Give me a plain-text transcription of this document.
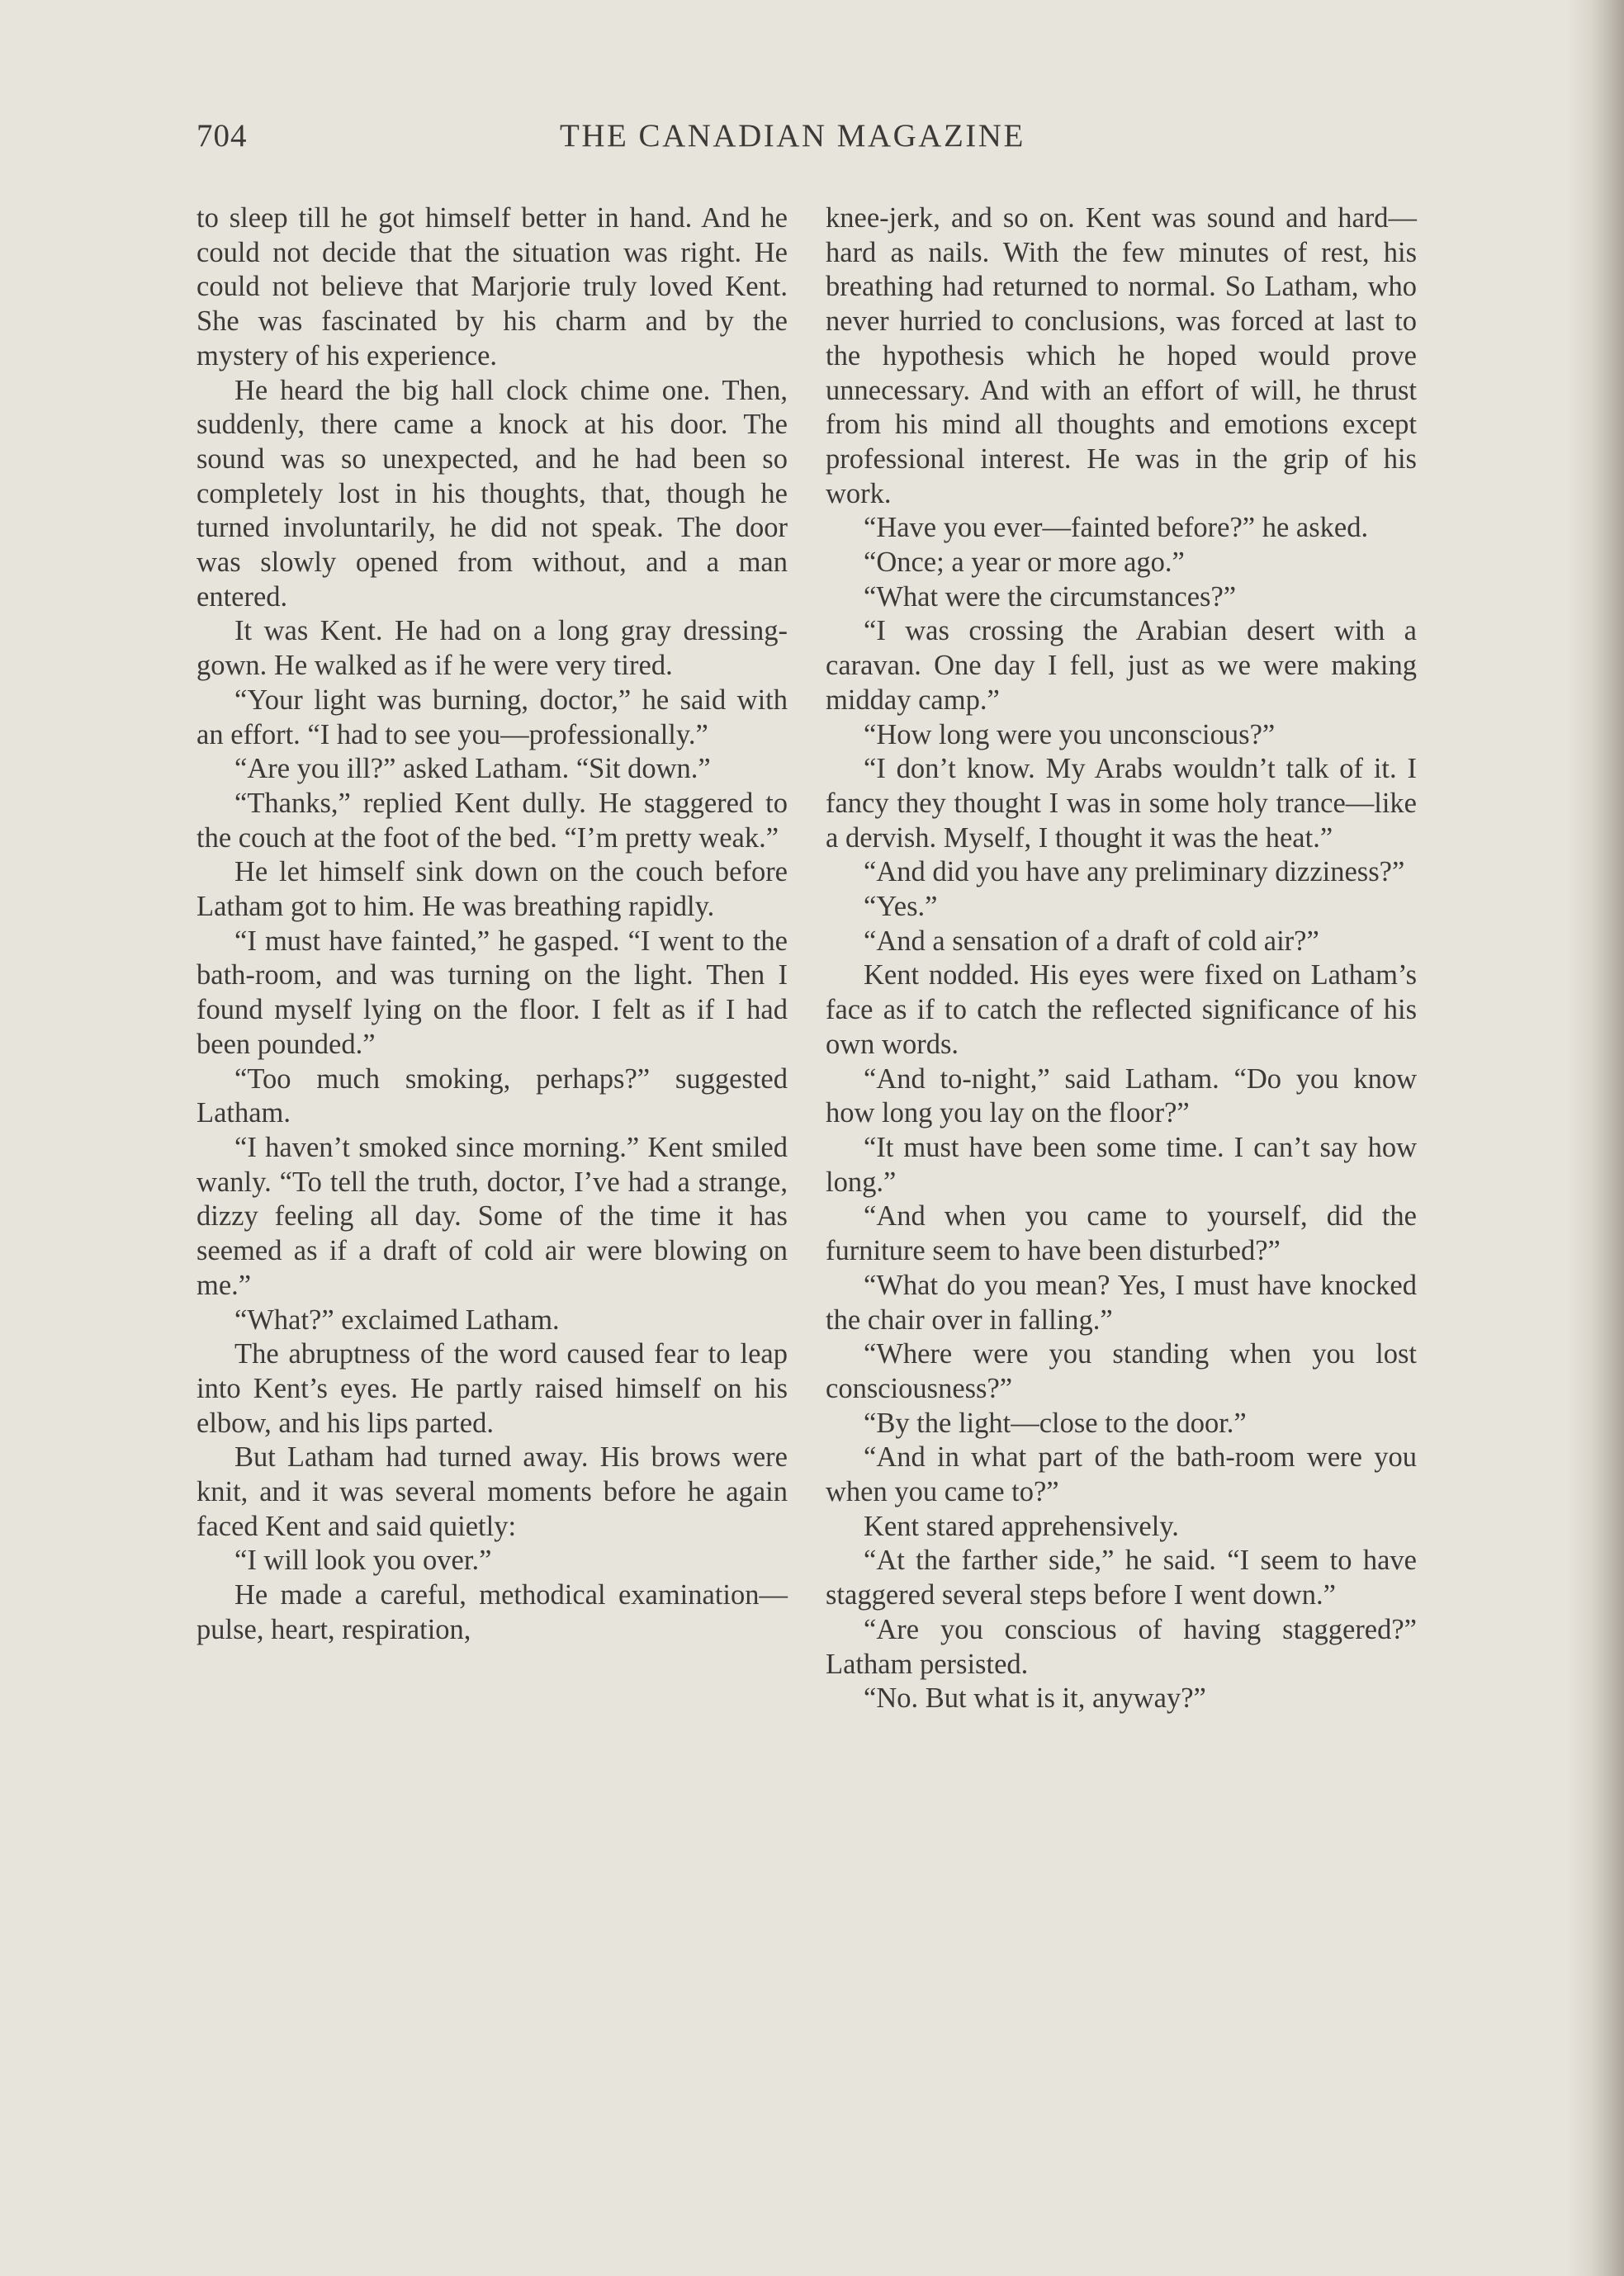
704	THE CANADIAN MAGAZINE

to sleep till he got himself better in hand. And he could not decide that the situation was right. He could not believe that Marjorie truly loved Kent. She was fascinated by his charm and by the mystery of his experience.

He heard the big hall clock chime one. Then, suddenly, there came a knock at his door. The sound was so unexpected, and he had been so completely lost in his thoughts, that, though he turned involuntarily, he did not speak. The door was slowly opened from without, and a man entered.

It was Kent. He had on a long gray dressing-gown. He walked as if he were very tired.

“Your light was burning, doctor,” he said with an effort. “I had to see you—professionally.”

“Are you ill?” asked Latham. “Sit down.”

“Thanks,” replied Kent dully. He staggered to the couch at the foot of the bed. “I’m pretty weak.”

He let himself sink down on the couch before Latham got to him. He was breathing rapidly.

“I must have fainted,” he gasped. “I went to the bath-room, and was turning on the light. Then I found myself lying on the floor. I felt as if I had been pounded.”

“Too much smoking, perhaps?” suggested Latham.

“I haven’t smoked since morning.” Kent smiled wanly. “To tell the truth, doctor, I’ve had a strange, dizzy feeling all day. Some of the time it has seemed as if a draft of cold air were blowing on me.”

“What?” exclaimed Latham.

The abruptness of the word caused fear to leap into Kent’s eyes. He partly raised himself on his elbow, and his lips parted.

But Latham had turned away. His brows were knit, and it was several moments before he again faced Kent and said quietly:

“I will look you over.”

He made a careful, methodical examination—pulse, heart, respiration,

knee-jerk, and so on. Kent was sound and hard—hard as nails. With the few minutes of rest, his breathing had returned to normal. So Latham, who never hurried to conclusions, was forced at last to the hypothesis which he hoped would prove unnecessary. And with an effort of will, he thrust from his mind all thoughts and emotions except professional interest. He was in the grip of his work.

“Have you ever—fainted before?” he asked.

“Once; a year or more ago.”

“What were the circumstances?”

“I was crossing the Arabian desert with a caravan. One day I fell, just as we were making midday camp.”

“How long were you unconscious?”

“I don’t know. My Arabs wouldn’t talk of it. I fancy they thought I was in some holy trance—like a dervish. Myself, I thought it was the heat.”

“And did you have any preliminary dizziness?”

“Yes.”

“And a sensation of a draft of cold air?”

Kent nodded. His eyes were fixed on Latham’s face as if to catch the reflected significance of his own words.

“And to-night,” said Latham. “Do you know how long you lay on the floor?”

“It must have been some time. I can’t say how long.”

“And when you came to yourself, did the furniture seem to have been disturbed?”

“What do you mean? Yes, I must have knocked the chair over in falling.”

“Where were you standing when you lost consciousness?”

“By the light—close to the door.”

“And in what part of the bath-room were you when you came to?”

Kent stared apprehensively.

“At the farther side,” he said. “I seem to have staggered several steps before I went down.”

“Are you conscious of having staggered?” Latham persisted.

“No. But what is it, anyway?”
